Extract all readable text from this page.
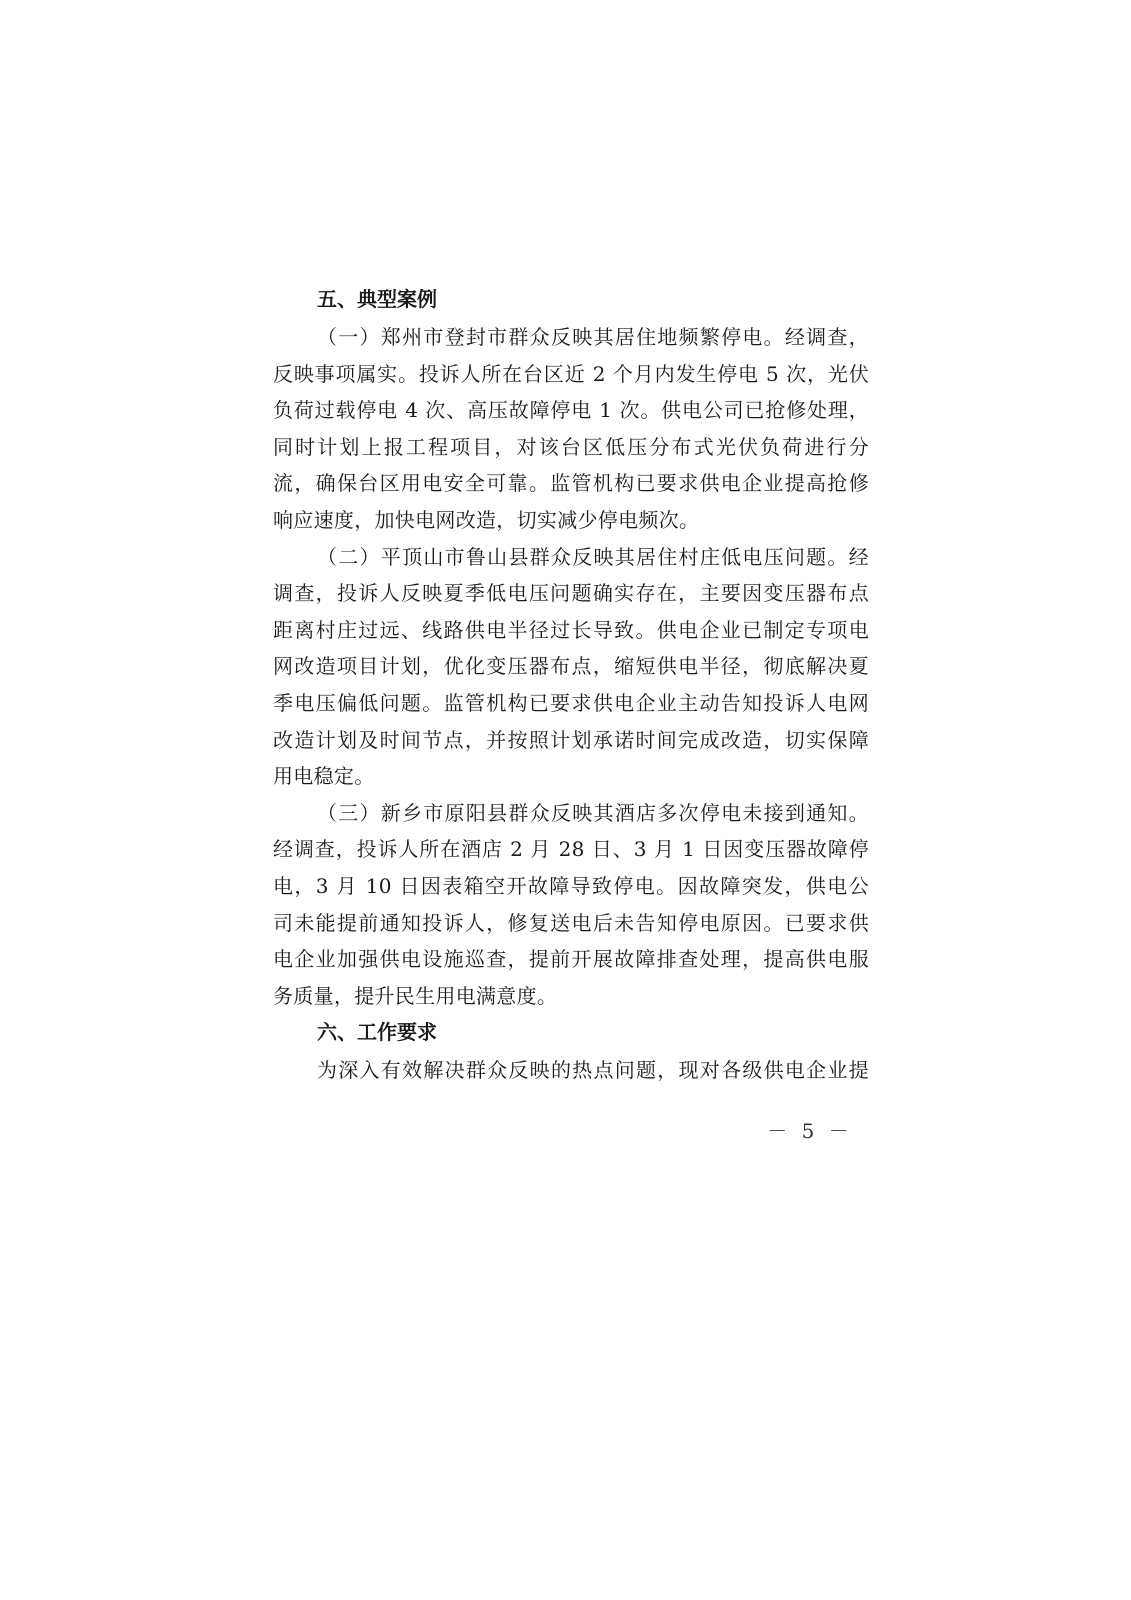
五、典型案例
（一）郑州市登封市群众反映其居住地频繁停电。经调查，
反映事项属实。投诉人所在台区近 2 个月内发生停电 5 次，光伏
负荷过载停电 4 次、高压故障停电 1 次。供电公司已抢修处理，
同时计划上报工程项目，对该台区低压分布式光伏负荷进行分
流，确保台区用电安全可靠。监管机构已要求供电企业提高抢修
响应速度，加快电网改造，切实减少停电频次。
（二）平顶山市鲁山县群众反映其居住村庄低电压问题。经
调查，投诉人反映夏季低电压问题确实存在，主要因变压器布点
距离村庄过远、线路供电半径过长导致。供电企业已制定专项电
网改造项目计划，优化变压器布点，缩短供电半径，彻底解决夏
季电压偏低问题。监管机构已要求供电企业主动告知投诉人电网
改造计划及时间节点，并按照计划承诺时间完成改造，切实保障
用电稳定。
（三）新乡市原阳县群众反映其酒店多次停电未接到通知。
经调查，投诉人所在酒店 2 月 28 日、3 月 1 日因变压器故障停
电，3 月 10 日因表箱空开故障导致停电。因故障突发，供电公
司未能提前通知投诉人，修复送电后未告知停电原因。已要求供
电企业加强供电设施巡查，提前开展故障排查处理，提高供电服
务质量，提升民生用电满意度。
六、工作要求
为深入有效解决群众反映的热点问题，现对各级供电企业提
－ 5 －
